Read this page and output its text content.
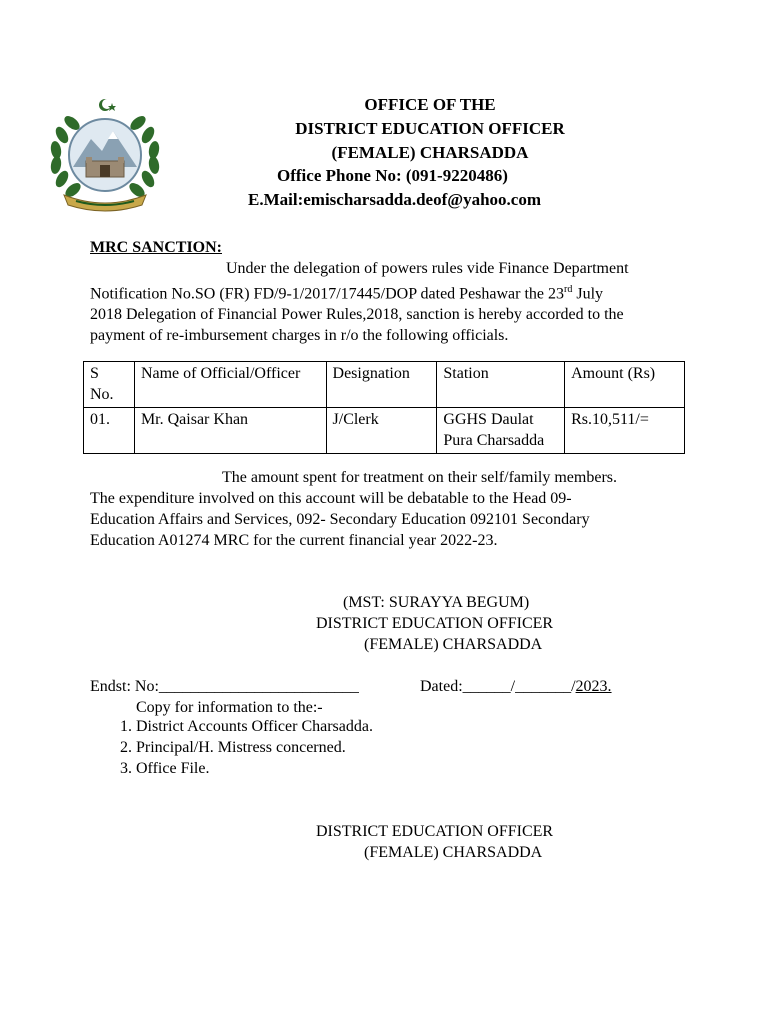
OFFICE OF THE
DISTRICT EDUCATION OFFICER
(FEMALE) CHARSADDA
Office Phone No: (091-9220486)
E.Mail:emischarsadda.deof@yahoo.com
MRC SANCTION:
Under the delegation of powers rules vide Finance Department
Notification No.SO (FR) FD/9-1/2017/17445/DOP dated Peshawar the 23rd July
2018 Delegation of Financial Power Rules,2018, sanction is hereby accorded to the
payment of re-imbursement charges in r/o the following officials.
S No.	Name of Official/Officer	Designation	Station	Amount (Rs)
01.	Mr. Qaisar Khan	J/Clerk	GGHS Daulat Pura Charsadda	Rs.10,511/=
The amount spent for treatment on their self/family members.
The expenditure involved on this account will be debatable to the Head 09-
Education Affairs and Services, 092- Secondary Education 092101 Secondary
Education A01274 MRC for the current financial year 2022-23.
(MST: SURAYYA BEGUM)
DISTRICT EDUCATION OFFICER
(FEMALE) CHARSADDA
Endst: No:_________________________	Dated:______/_______/2023.
Copy for information to the:-
1. District Accounts Officer Charsadda.
2. Principal/H. Mistress concerned.
3. Office File.
DISTRICT EDUCATION OFFICER
(FEMALE) CHARSADDA
